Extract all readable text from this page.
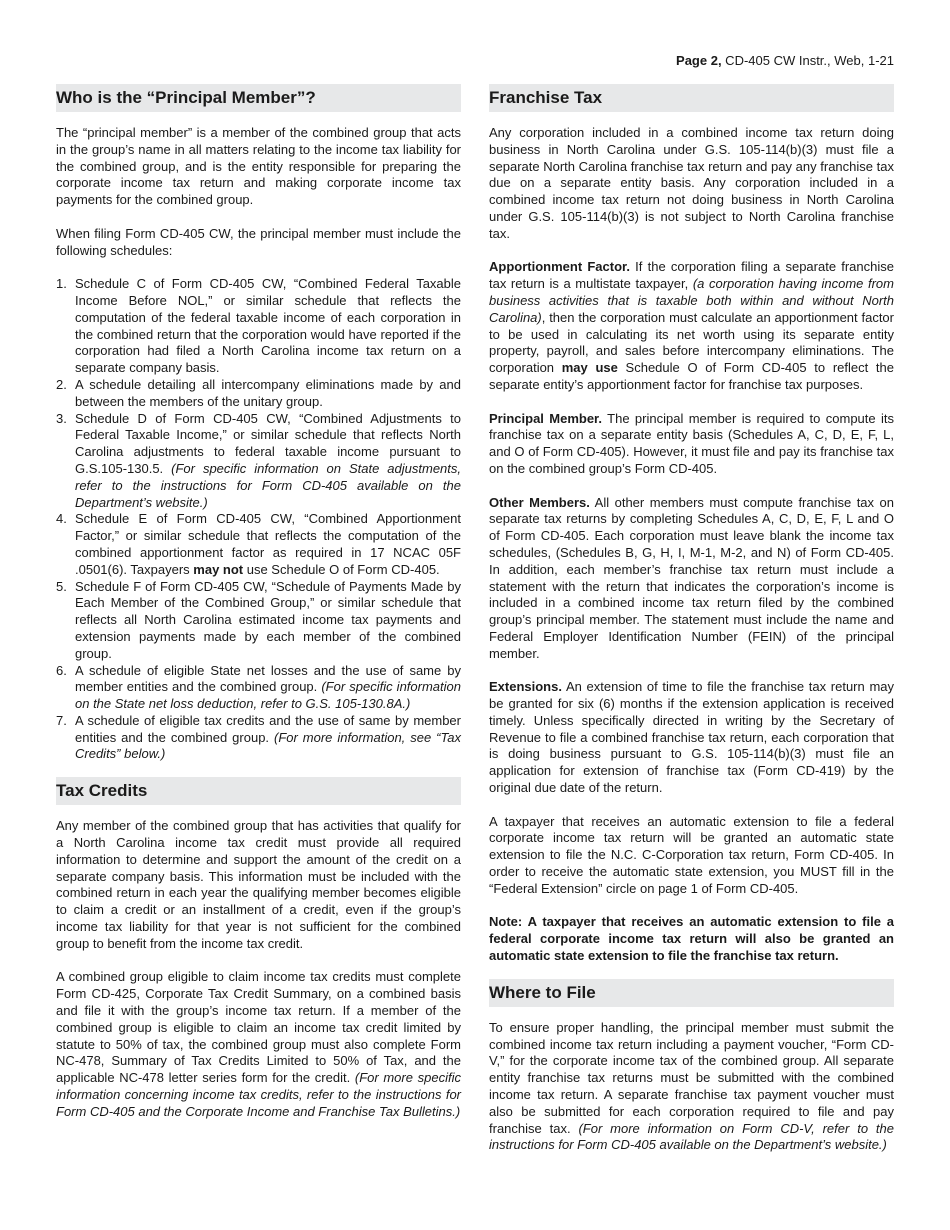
Page 2, CD-405 CW Instr., Web, 1-21
Who is the “Principal Member”?

The “principal member” is a member of the combined group that acts in the group’s name in all matters relating to the income tax liability for the combined group, and is the entity responsible for preparing the corporate income tax return and making corporate income tax payments for the combined group.

When filing Form CD-405 CW, the principal member must include the following schedules:

1. Schedule C of Form CD-405 CW, “Combined Federal Taxable Income Before NOL,” or similar schedule that reflects the computation of the federal taxable income of each corporation in the combined return that the corporation would have reported if the corporation had filed a North Carolina income tax return on a separate company basis.
2. A schedule detailing all intercompany eliminations made by and between the members of the unitary group.
3. Schedule D of Form CD-405 CW, “Combined Adjustments to Federal Taxable Income,” or similar schedule that reflects North Carolina adjustments to federal taxable income pursuant to G.S.105-130.5. (For specific information on State adjustments, refer to the instructions for Form CD-405 available on the Department’s website.)
4. Schedule E of Form CD-405 CW, “Combined Apportionment Factor,” or similar schedule that reflects the computation of the combined apportionment factor as required in 17 NCAC 05F .0501(6). Taxpayers may not use Schedule O of Form CD-405.
5. Schedule F of Form CD-405 CW, “Schedule of Payments Made by Each Member of the Combined Group,” or similar schedule that reflects all North Carolina estimated income tax payments and extension payments made by each member of the combined group.
6. A schedule of eligible State net losses and the use of same by member entities and the combined group. (For specific information on the State net loss deduction, refer to G.S. 105-130.8A.)
7. A schedule of eligible tax credits and the use of same by member entities and the combined group. (For more information, see “Tax Credits” below.)
Tax Credits

Any member of the combined group that has activities that qualify for a North Carolina income tax credit must provide all required information to determine and support the amount of the credit on a separate company basis. This information must be included with the combined return in each year the qualifying member becomes eligible to claim a credit or an installment of a credit, even if the group’s income tax liability for that year is not sufficient for the combined group to benefit from the income tax credit.

A combined group eligible to claim income tax credits must complete Form CD-425, Corporate Tax Credit Summary, on a combined basis and file it with the group’s income tax return. If a member of the combined group is eligible to claim an income tax credit limited by statute to 50% of tax, the combined group must also complete Form NC-478, Summary of Tax Credits Limited to 50% of Tax, and the applicable NC-478 letter series form for the credit. (For more specific information concerning income tax credits, refer to the instructions for Form CD-405 and the Corporate Income and Franchise Tax Bulletins.)

Franchise Tax

Any corporation included in a combined income tax return doing business in North Carolina under G.S. 105-114(b)(3) must file a separate North Carolina franchise tax return and pay any franchise tax due on a separate entity basis. Any corporation included in a combined income tax return not doing business in North Carolina under G.S. 105-114(b)(3) is not subject to North Carolina franchise tax.

Apportionment Factor. If the corporation filing a separate franchise tax return is a multistate taxpayer, (a corporation having income from business activities that is taxable both within and without North Carolina), then the corporation must calculate an apportionment factor to be used in calculating its net worth using its separate entity property, payroll, and sales before intercompany eliminations. The corporation may use Schedule O of Form CD-405 to reflect the separate entity’s apportionment factor for franchise tax purposes.

Principal Member. The principal member is required to compute its franchise tax on a separate entity basis (Schedules A, C, D, E, F, L, and O of Form CD-405). However, it must file and pay its franchise tax on the combined group’s Form CD-405.

Other Members. All other members must compute franchise tax on separate tax returns by completing Schedules A, C, D, E, F, L and O of Form CD-405. Each corporation must leave blank the income tax schedules, (Schedules B, G, H, I, M-1, M-2, and N) of Form CD-405. In addition, each member’s franchise tax return must include a statement with the return that indicates the corporation’s income is included in a combined income tax return filed by the combined group’s principal member. The statement must include the name and Federal Employer Identification Number (FEIN) of the principal member.

Extensions. An extension of time to file the franchise tax return may be granted for six (6) months if the extension application is received timely. Unless specifically directed in writing by the Secretary of Revenue to file a combined franchise tax return, each corporation that is doing business pursuant to G.S. 105-114(b)(3) must file an application for extension of franchise tax (Form CD-419) by the original due date of the return.

A taxpayer that receives an automatic extension to file a federal corporate income tax return will be granted an automatic state extension to file the N.C. C-Corporation tax return, Form CD-405. In order to receive the automatic state extension, you MUST fill in the “Federal Extension” circle on page 1 of Form CD-405.

Note: A taxpayer that receives an automatic extension to file a federal corporate income tax return will also be granted an automatic state extension to file the franchise tax return.

Where to File

To ensure proper handling, the principal member must submit the combined income tax return including a payment voucher, “Form CD-V,” for the corporate income tax of the combined group. All separate entity franchise tax returns must be submitted with the combined income tax return. A separate franchise tax payment voucher must also be submitted for each corporation required to file and pay franchise tax. (For more information on Form CD-V, refer to the instructions for Form CD-405 available on the Department’s website.)
